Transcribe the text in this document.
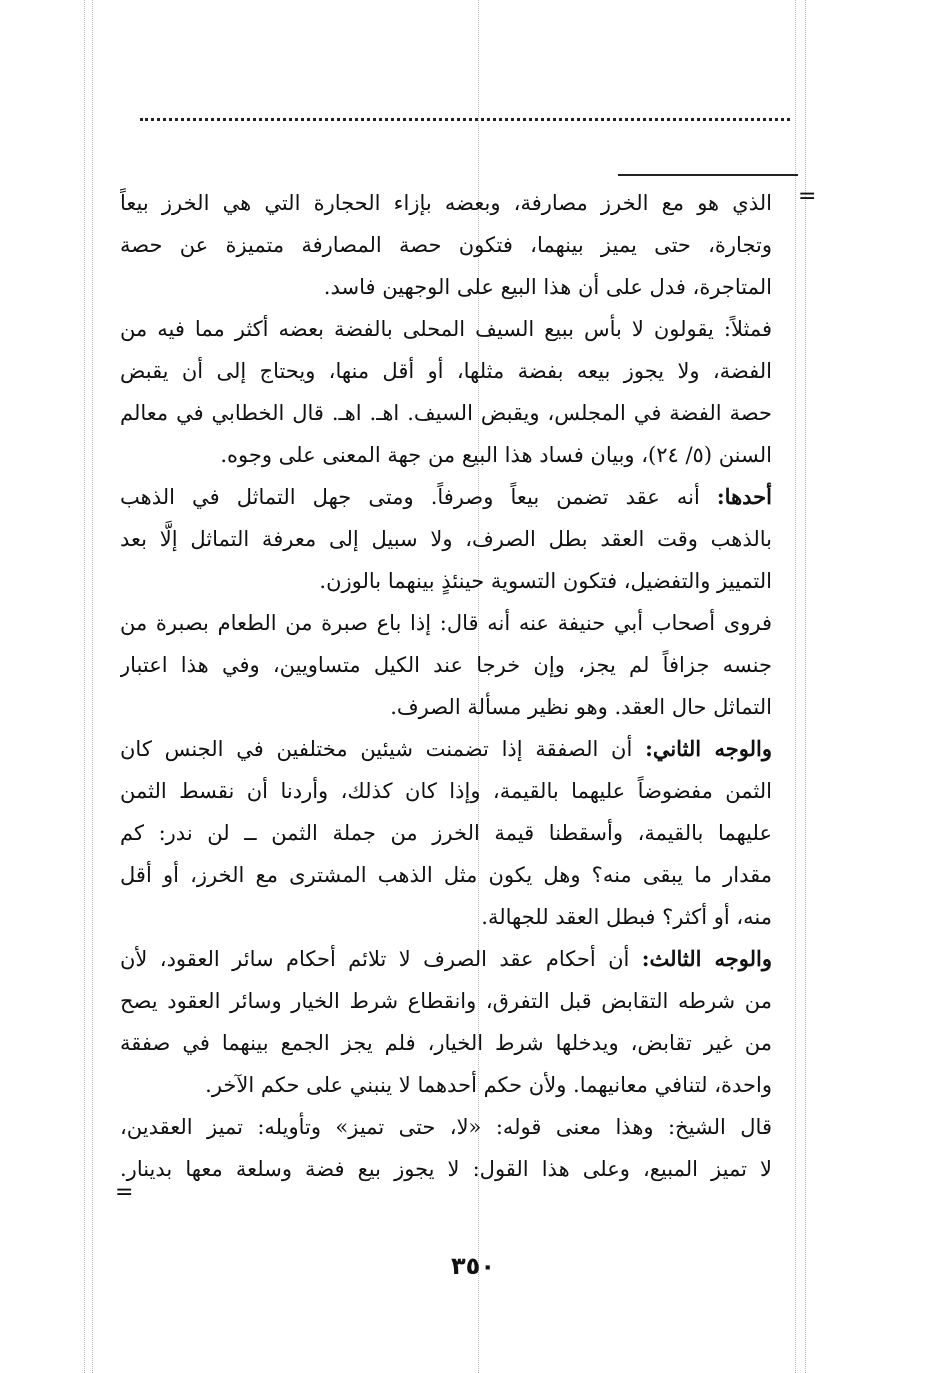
=
الذي هو مع الخرز مصارفة، وبعضه بإزاء الحجارة التي هي الخرز بيعاً
وتجارة، حتى يميز بينهما، فتكون حصة المصارفة متميزة عن حصة
المتاجرة، فدل على أن هذا البيع على الوجهين فاسد.
فمثلاً: يقولون لا بأس ببيع السيف المحلى بالفضة بعضه أكثر مما فيه من
الفضة، ولا يجوز بيعه بفضة مثلها، أو أقل منها، ويحتاج إلى أن يقبض
حصة الفضة في المجلس، ويقبض السيف. اهـ. اهـ. قال الخطابي في معالم
السنن (٥/ ٢٤)، وبيان فساد هذا البيع من جهة المعنى على وجوه.
أحدها: أنه عقد تضمن بيعاً وصرفاً. ومتى جهل التماثل في الذهب
بالذهب وقت العقد بطل الصرف، ولا سبيل إلى معرفة التماثل إلَّا بعد
التمييز والتفضيل، فتكون التسوية حينئذٍ بينهما بالوزن.
فروى أصحاب أبي حنيفة عنه أنه قال: إذا باع صبرة من الطعام بصبرة من
جنسه جزافاً لم يجز، وإن خرجا عند الكيل متساويين، وفي هذا اعتبار
التماثل حال العقد. وهو نظير مسألة الصرف.
والوجه الثاني: أن الصفقة إذا تضمنت شيئين مختلفين في الجنس كان
الثمن مفضوضاً عليهما بالقيمة، وإذا كان كذلك، وأردنا أن نقسط الثمن
عليهما بالقيمة، وأسقطنا قيمة الخرز من جملة الثمن ــ لن ندر: كم
مقدار ما يبقى منه؟ وهل يكون مثل الذهب المشترى مع الخرز، أو أقل
منه، أو أكثر؟ فبطل العقد للجهالة.
والوجه الثالث: أن أحكام عقد الصرف لا تلائم أحكام سائر العقود، لأن
من شرطه التقابض قبل التفرق، وانقطاع شرط الخيار وسائر العقود يصح
من غير تقابض، ويدخلها شرط الخيار، فلم يجز الجمع بينهما في صفقة
واحدة، لتنافي معانيهما. ولأن حكم أحدهما لا ينبني على حكم الآخر.
قال الشيخ: وهذا معنى قوله: «لا، حتى تميز» وتأويله: تميز العقدين،
لا تميز المبيع، وعلى هذا القول: لا يجوز بيع فضة وسلعة معها بدينار.
=
٣٥٠
